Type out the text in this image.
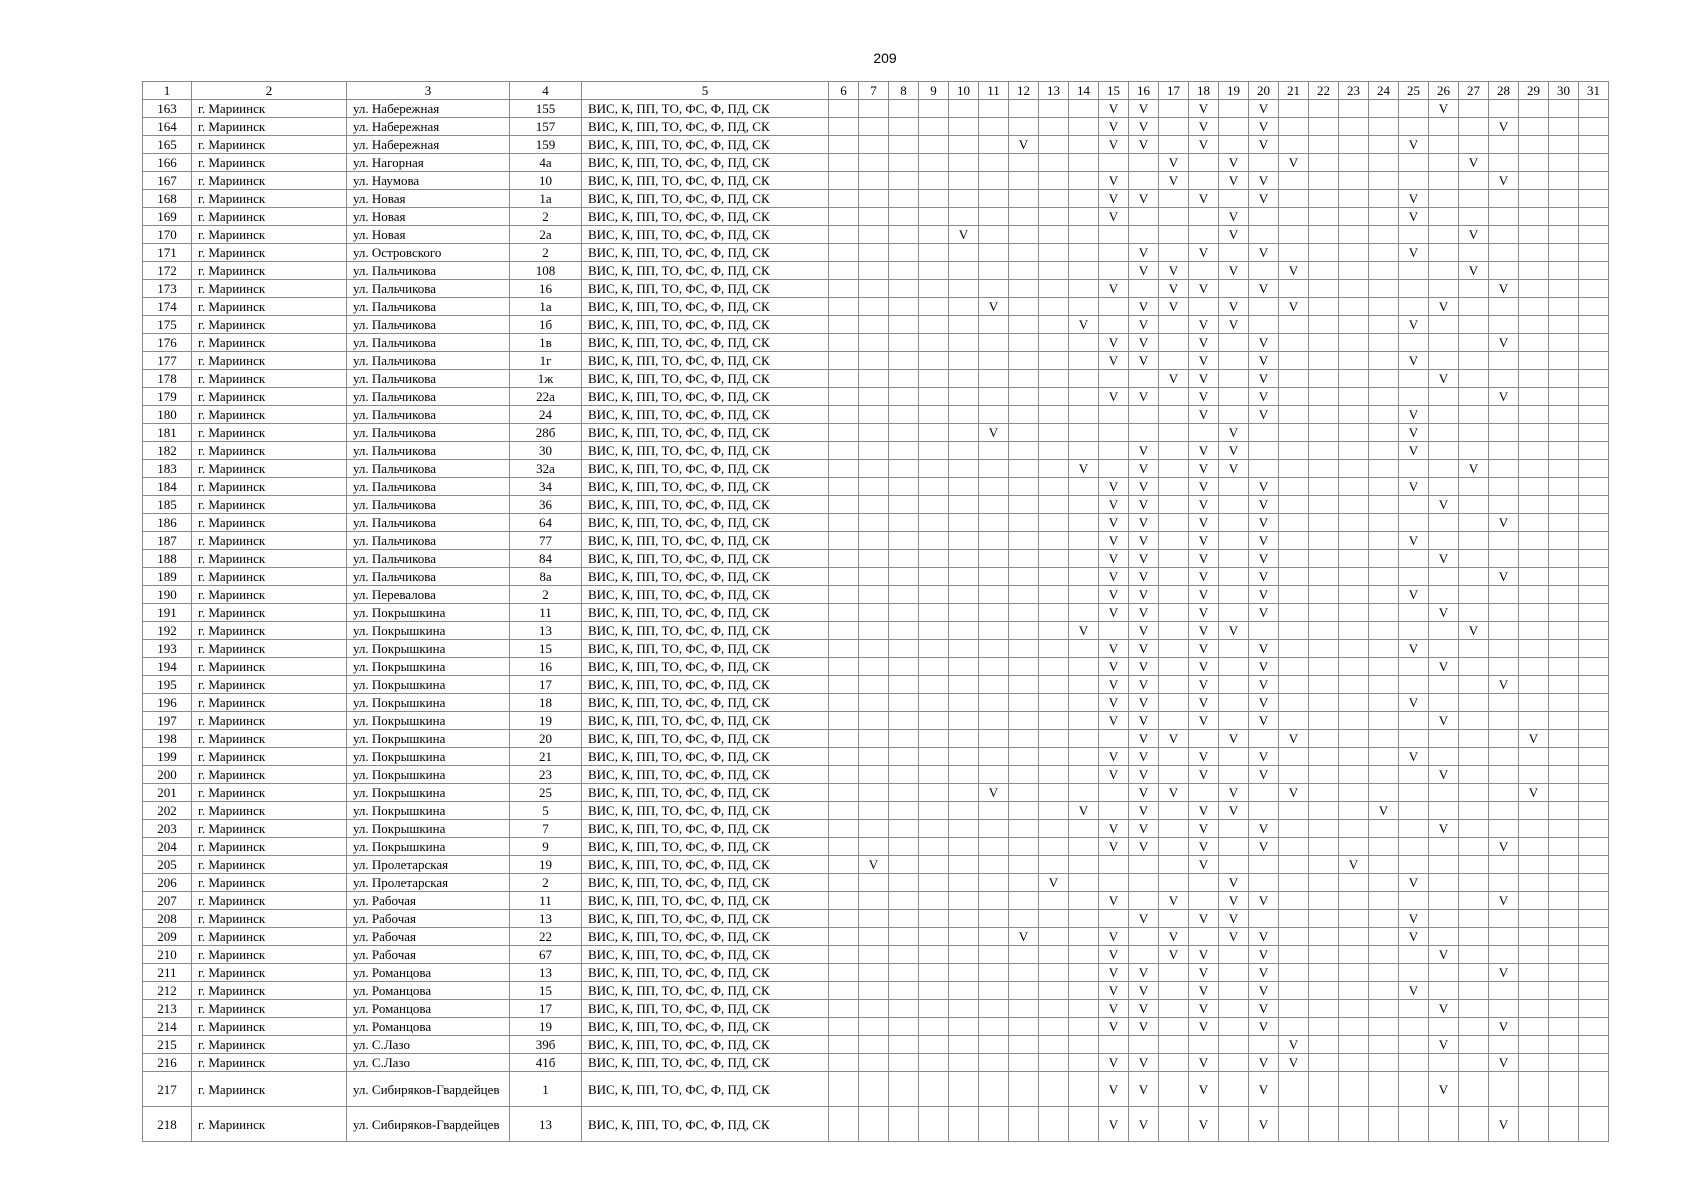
209
1	2	3	4	5	6	7	8	9	10	11	12	13	14	15	16	17	18	19	20	21	22	23	24	25	26	27	28	29	30	31
163	г. Мариинск	ул. Набережная	155	ВИС, К, ПП, ТО, ФС, Ф, ПД, СК										V	V		V		V						V					
164	г. Мариинск	ул. Набережная	157	ВИС, К, ПП, ТО, ФС, Ф, ПД, СК										V	V		V		V								V			
165	г. Мариинск	ул. Набережная	159	ВИС, К, ПП, ТО, ФС, Ф, ПД, СК							V			V	V		V		V					V						
166	г. Мариинск	ул. Нагорная	4а	ВИС, К, ПП, ТО, ФС, Ф, ПД, СК												V		V		V						V				
167	г. Мариинск	ул. Наумова	10	ВИС, К, ПП, ТО, ФС, Ф, ПД, СК										V		V		V	V								V			
168	г. Мариинск	ул. Новая	1а	ВИС, К, ПП, ТО, ФС, Ф, ПД, СК										V	V		V		V					V						
169	г. Мариинск	ул. Новая	2	ВИС, К, ПП, ТО, ФС, Ф, ПД, СК										V				V						V						
170	г. Мариинск	ул. Новая	2а	ВИС, К, ПП, ТО, ФС, Ф, ПД, СК					V									V								V				
171	г. Мариинск	ул. Островского	2	ВИС, К, ПП, ТО, ФС, Ф, ПД, СК											V		V		V					V						
172	г. Мариинск	ул. Пальчикова	108	ВИС, К, ПП, ТО, ФС, Ф, ПД, СК											V	V		V		V						V				
173	г. Мариинск	ул. Пальчикова	16	ВИС, К, ПП, ТО, ФС, Ф, ПД, СК										V		V	V		V								V			
174	г. Мариинск	ул. Пальчикова	1а	ВИС, К, ПП, ТО, ФС, Ф, ПД, СК						V					V	V		V		V					V					
175	г. Мариинск	ул. Пальчикова	1б	ВИС, К, ПП, ТО, ФС, Ф, ПД, СК									V		V		V	V						V						
176	г. Мариинск	ул. Пальчикова	1в	ВИС, К, ПП, ТО, ФС, Ф, ПД, СК										V	V		V		V								V			
177	г. Мариинск	ул. Пальчикова	1г	ВИС, К, ПП, ТО, ФС, Ф, ПД, СК										V	V		V		V					V						
178	г. Мариинск	ул. Пальчикова	1ж	ВИС, К, ПП, ТО, ФС, Ф, ПД, СК												V	V		V						V					
179	г. Мариинск	ул. Пальчикова	22а	ВИС, К, ПП, ТО, ФС, Ф, ПД, СК										V	V		V		V								V			
180	г. Мариинск	ул. Пальчикова	24	ВИС, К, ПП, ТО, ФС, Ф, ПД, СК													V		V					V						
181	г. Мариинск	ул. Пальчикова	28б	ВИС, К, ПП, ТО, ФС, Ф, ПД, СК						V								V						V						
182	г. Мариинск	ул. Пальчикова	30	ВИС, К, ПП, ТО, ФС, Ф, ПД, СК											V		V	V						V						
183	г. Мариинск	ул. Пальчикова	32а	ВИС, К, ПП, ТО, ФС, Ф, ПД, СК									V		V		V	V								V				
184	г. Мариинск	ул. Пальчикова	34	ВИС, К, ПП, ТО, ФС, Ф, ПД, СК										V	V		V		V					V						
185	г. Мариинск	ул. Пальчикова	36	ВИС, К, ПП, ТО, ФС, Ф, ПД, СК										V	V		V		V						V					
186	г. Мариинск	ул. Пальчикова	64	ВИС, К, ПП, ТО, ФС, Ф, ПД, СК										V	V		V		V								V			
187	г. Мариинск	ул. Пальчикова	77	ВИС, К, ПП, ТО, ФС, Ф, ПД, СК										V	V		V		V					V						
188	г. Мариинск	ул. Пальчикова	84	ВИС, К, ПП, ТО, ФС, Ф, ПД, СК										V	V		V		V						V					
189	г. Мариинск	ул. Пальчикова	8а	ВИС, К, ПП, ТО, ФС, Ф, ПД, СК										V	V		V		V								V			
190	г. Мариинск	ул. Перевалова	2	ВИС, К, ПП, ТО, ФС, Ф, ПД, СК										V	V		V		V					V						
191	г. Мариинск	ул. Покрышкина	11	ВИС, К, ПП, ТО, ФС, Ф, ПД, СК										V	V		V		V						V					
192	г. Мариинск	ул. Покрышкина	13	ВИС, К, ПП, ТО, ФС, Ф, ПД, СК									V		V		V	V								V				
193	г. Мариинск	ул. Покрышкина	15	ВИС, К, ПП, ТО, ФС, Ф, ПД, СК										V	V		V		V					V						
194	г. Мариинск	ул. Покрышкина	16	ВИС, К, ПП, ТО, ФС, Ф, ПД, СК										V	V		V		V						V					
195	г. Мариинск	ул. Покрышкина	17	ВИС, К, ПП, ТО, ФС, Ф, ПД, СК										V	V		V		V								V			
196	г. Мариинск	ул. Покрышкина	18	ВИС, К, ПП, ТО, ФС, Ф, ПД, СК										V	V		V		V					V						
197	г. Мариинск	ул. Покрышкина	19	ВИС, К, ПП, ТО, ФС, Ф, ПД, СК										V	V		V		V						V					
198	г. Мариинск	ул. Покрышкина	20	ВИС, К, ПП, ТО, ФС, Ф, ПД, СК											V	V		V		V								V		
199	г. Мариинск	ул. Покрышкина	21	ВИС, К, ПП, ТО, ФС, Ф, ПД, СК										V	V		V		V					V						
200	г. Мариинск	ул. Покрышкина	23	ВИС, К, ПП, ТО, ФС, Ф, ПД, СК										V	V		V		V						V					
201	г. Мариинск	ул. Покрышкина	25	ВИС, К, ПП, ТО, ФС, Ф, ПД, СК						V					V	V		V		V								V		
202	г. Мариинск	ул. Покрышкина	5	ВИС, К, ПП, ТО, ФС, Ф, ПД, СК									V		V		V	V					V							
203	г. Мариинск	ул. Покрышкина	7	ВИС, К, ПП, ТО, ФС, Ф, ПД, СК										V	V		V		V						V					
204	г. Мариинск	ул. Покрышкина	9	ВИС, К, ПП, ТО, ФС, Ф, ПД, СК										V	V		V		V								V			
205	г. Мариинск	ул. Пролетарская	19	ВИС, К, ПП, ТО, ФС, Ф, ПД, СК		V											V					V								
206	г. Мариинск	ул. Пролетарская	2	ВИС, К, ПП, ТО, ФС, Ф, ПД, СК								V						V						V						
207	г. Мариинск	ул. Рабочая	11	ВИС, К, ПП, ТО, ФС, Ф, ПД, СК										V		V		V	V								V			
208	г. Мариинск	ул. Рабочая	13	ВИС, К, ПП, ТО, ФС, Ф, ПД, СК											V		V	V						V						
209	г. Мариинск	ул. Рабочая	22	ВИС, К, ПП, ТО, ФС, Ф, ПД, СК							V			V		V		V	V					V						
210	г. Мариинск	ул. Рабочая	67	ВИС, К, ПП, ТО, ФС, Ф, ПД, СК										V		V	V		V						V					
211	г. Мариинск	ул. Романцова	13	ВИС, К, ПП, ТО, ФС, Ф, ПД, СК										V	V		V		V								V			
212	г. Мариинск	ул. Романцова	15	ВИС, К, ПП, ТО, ФС, Ф, ПД, СК										V	V		V		V					V						
213	г. Мариинск	ул. Романцова	17	ВИС, К, ПП, ТО, ФС, Ф, ПД, СК										V	V		V		V						V					
214	г. Мариинск	ул. Романцова	19	ВИС, К, ПП, ТО, ФС, Ф, ПД, СК										V	V		V		V								V			
215	г. Мариинск	ул. С.Лазо	39б	ВИС, К, ПП, ТО, ФС, Ф, ПД, СК																V					V					
216	г. Мариинск	ул. С.Лазо	41б	ВИС, К, ПП, ТО, ФС, Ф, ПД, СК										V	V		V		V	V							V			
217	г. Мариинск	ул. Сибиряков-Гвардейцев	1	ВИС, К, ПП, ТО, ФС, Ф, ПД, СК										V	V		V		V						V					
218	г. Мариинск	ул. Сибиряков-Гвардейцев	13	ВИС, К, ПП, ТО, ФС, Ф, ПД, СК										V	V		V		V								V			
